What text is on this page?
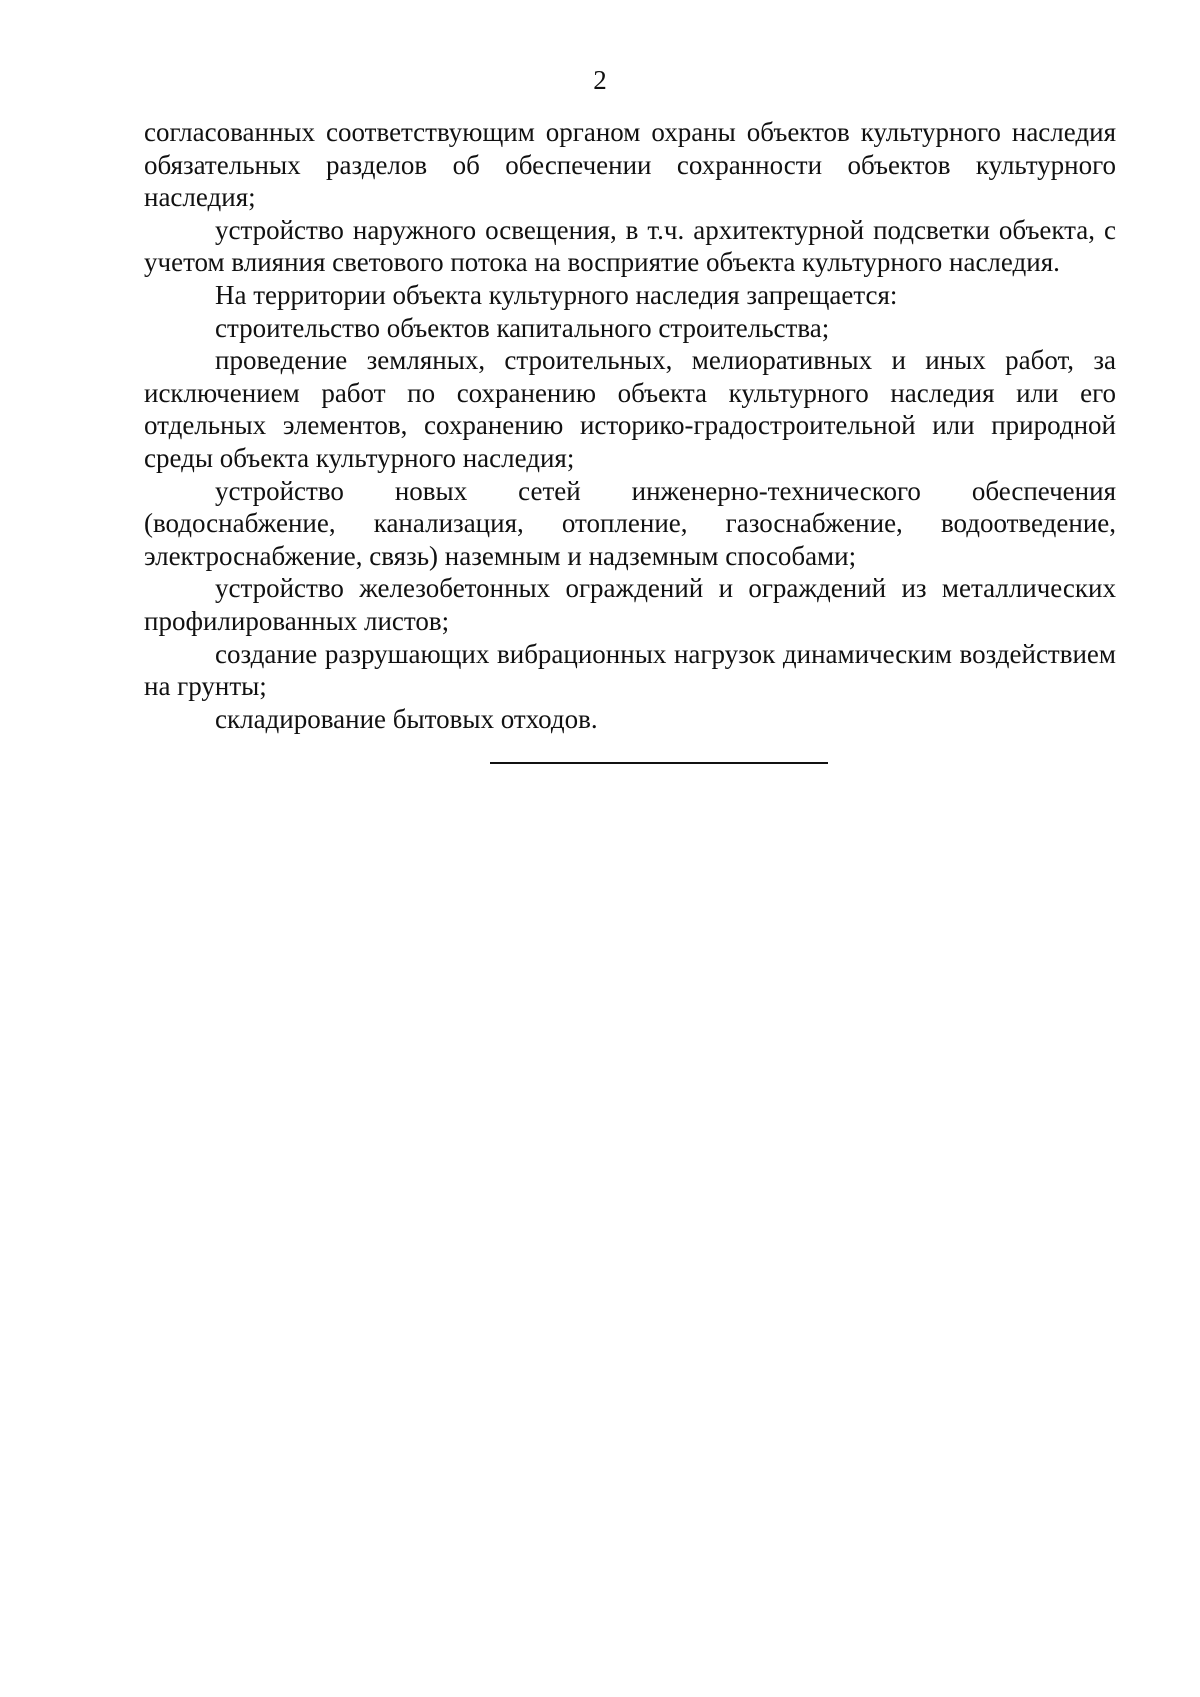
2

согласованных соответствующим органом охраны объектов культурного наследия обязательных разделов об обеспечении сохранности объектов культурного наследия;

устройство наружного освещения, в т.ч. архитектурной подсветки объекта, с учетом влияния светового потока на восприятие объекта культурного наследия.

На территории объекта культурного наследия запрещается:

строительство объектов капитального строительства;

проведение земляных, строительных, мелиоративных и иных работ, за исключением работ по сохранению объекта культурного наследия или его отдельных элементов, сохранению историко-градостроительной или природной среды объекта культурного наследия;

устройство новых сетей инженерно-технического обеспечения (водоснабжение, канализация, отопление, газоснабжение, водоотведение, электроснабжение, связь) наземным и надземным способами;

устройство железобетонных ограждений и ограждений из металлических профилированных листов;

создание разрушающих вибрационных нагрузок динамическим воздействием на грунты;

складирование бытовых отходов.
